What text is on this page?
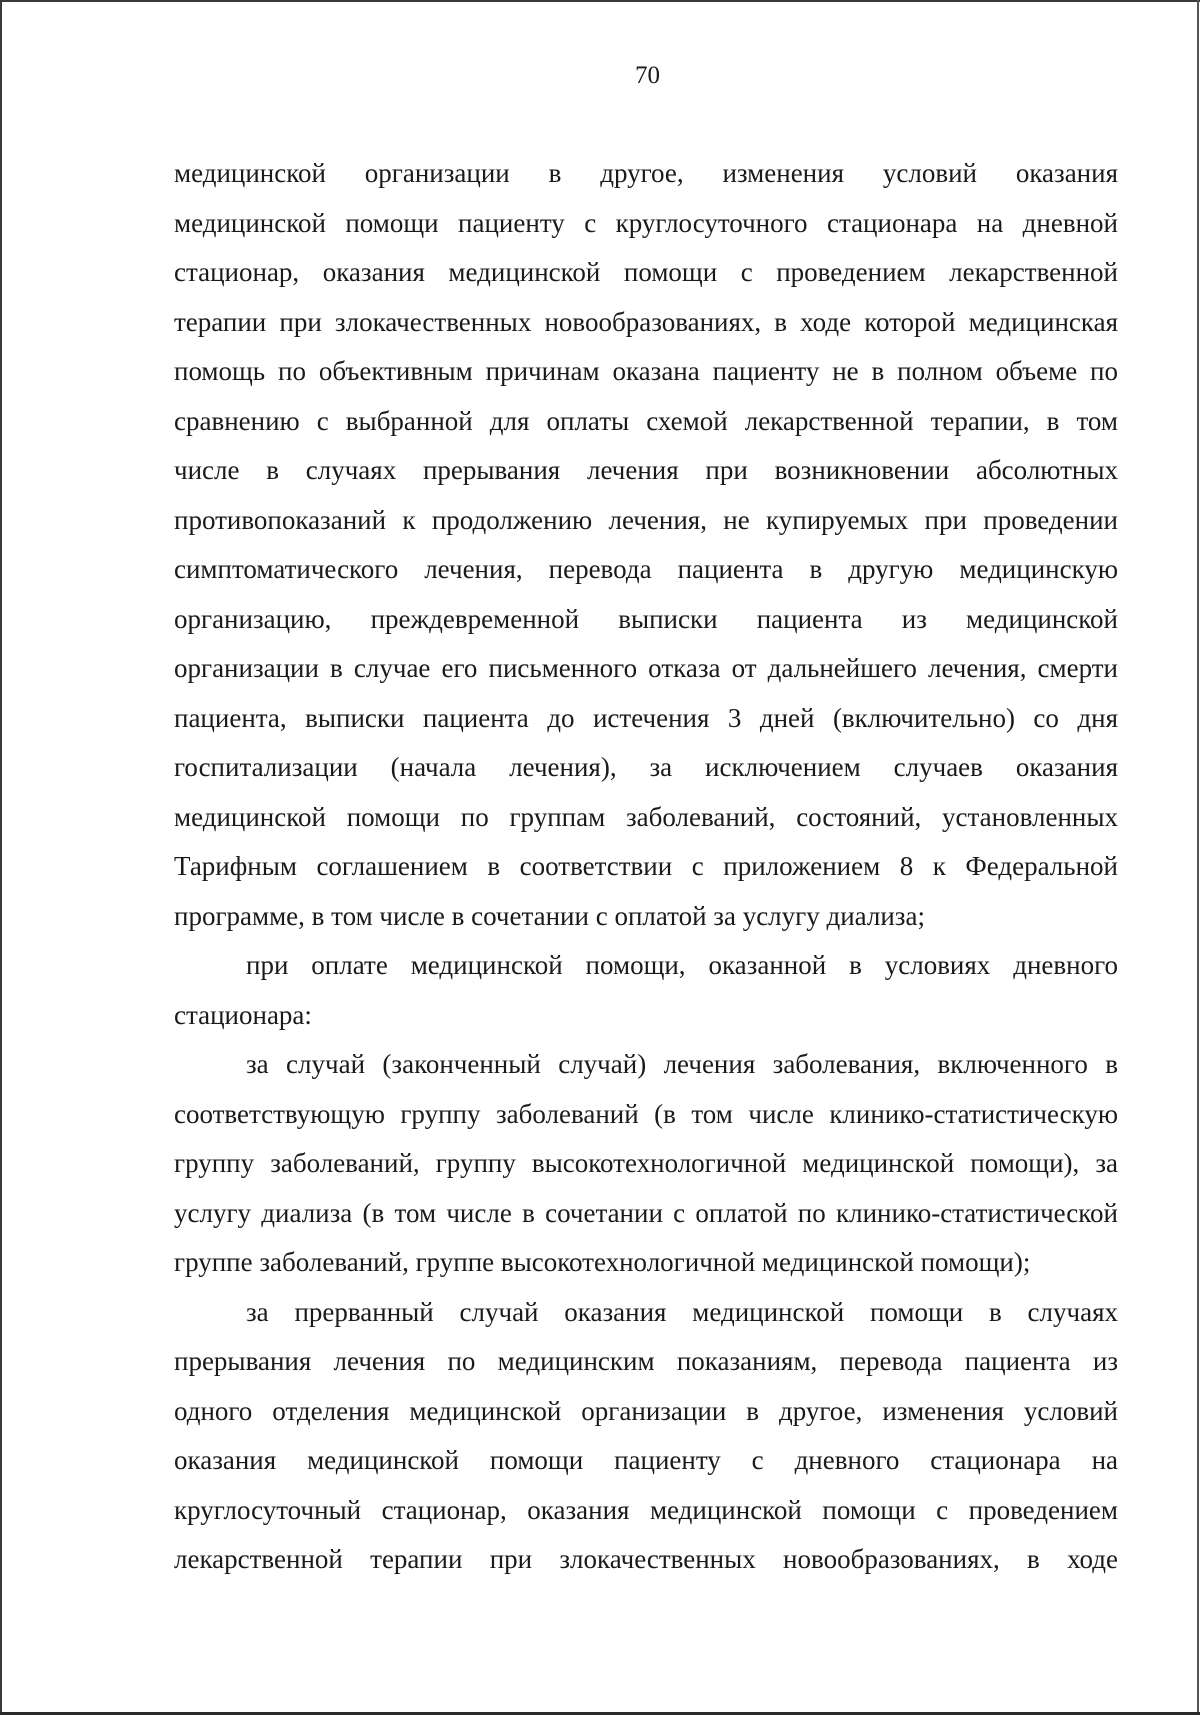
70
медицинской организации в другое, изменения условий оказания
медицинской помощи пациенту с круглосуточного стационара на дневной
стационар, оказания медицинской помощи с проведением лекарственной
терапии при злокачественных новообразованиях, в ходе которой медицинская
помощь по объективным причинам оказана пациенту не в полном объеме по
сравнению с выбранной для оплаты схемой лекарственной терапии, в том
числе в случаях прерывания лечения при возникновении абсолютных
противопоказаний к продолжению лечения, не купируемых при проведении
симптоматического лечения, перевода пациента в другую медицинскую
организацию, преждевременной выписки пациента из медицинской
организации в случае его письменного отказа от дальнейшего лечения, смерти
пациента, выписки пациента до истечения 3 дней (включительно) со дня
госпитализации (начала лечения), за исключением случаев оказания
медицинской помощи по группам заболеваний, состояний, установленных
Тарифным соглашением в соответствии с приложением 8 к Федеральной
программе, в том числе в сочетании с оплатой за услугу диализа;
при оплате медицинской помощи, оказанной в условиях дневного
стационара:
за случай (законченный случай) лечения заболевания, включенного в
соответствующую группу заболеваний (в том числе клинико-статистическую
группу заболеваний, группу высокотехнологичной медицинской помощи), за
услугу диализа (в том числе в сочетании с оплатой по клинико-статистической
группе заболеваний, группе высокотехнологичной медицинской помощи);
за прерванный случай оказания медицинской помощи в случаях
прерывания лечения по медицинским показаниям, перевода пациента из
одного отделения медицинской организации в другое, изменения условий
оказания медицинской помощи пациенту с дневного стационара на
круглосуточный стационар, оказания медицинской помощи с проведением
лекарственной терапии при злокачественных новообразованиях, в ходе
